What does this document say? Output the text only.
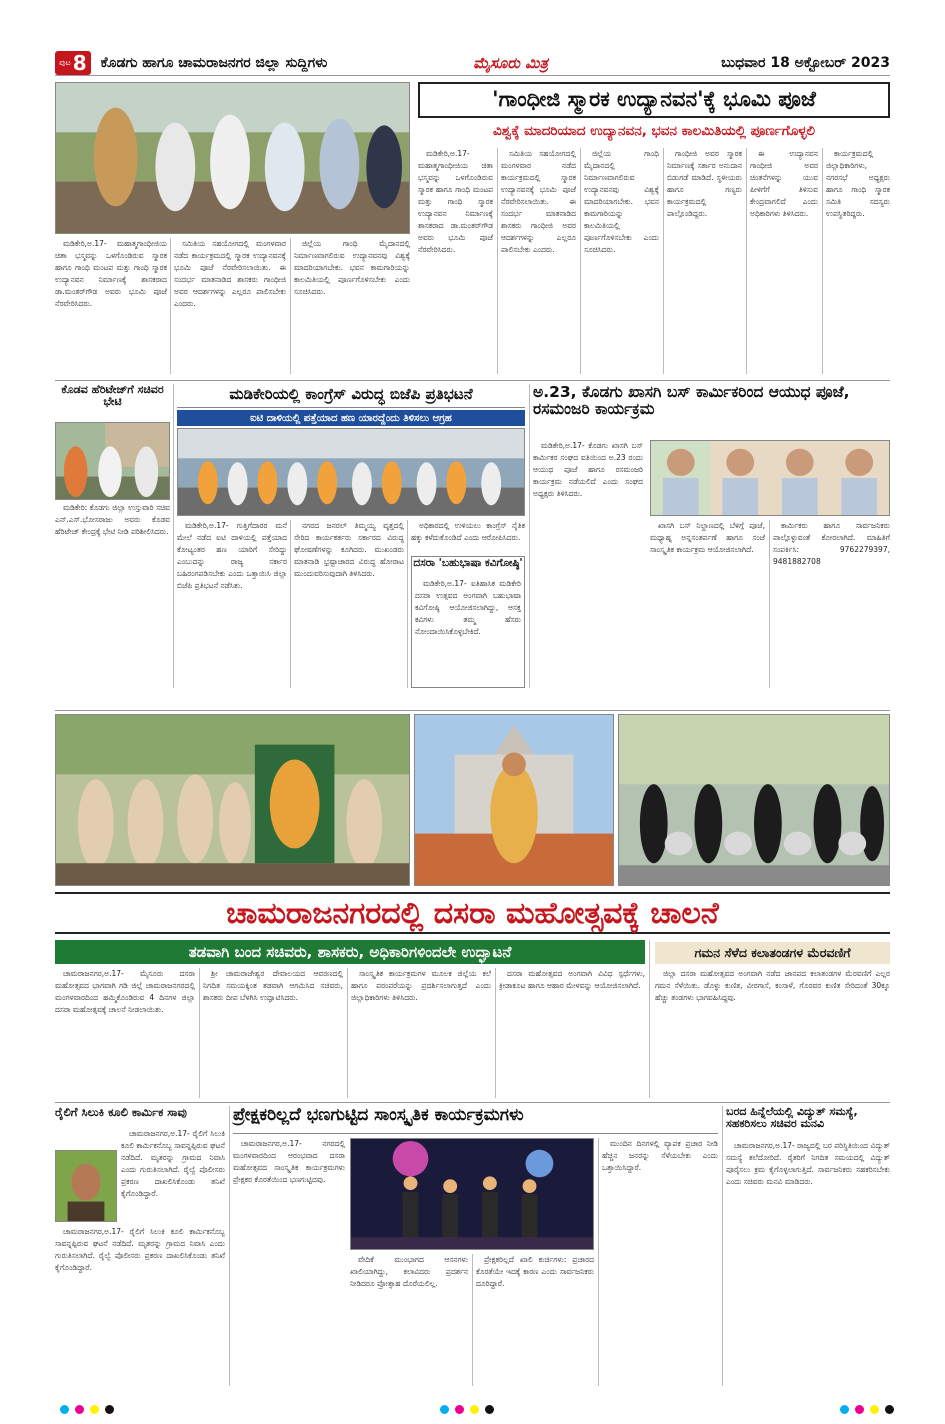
ಪುಟ 8 ಕೊಡಗು ಹಾಗೂ ಚಾಮರಾಜನಗರ ಜಿಲ್ಲಾ ಸುದ್ದಿಗಳು	ಮೈಸೂರು ಮಿತ್ರ	ಬುಧವಾರ 18 ಅಕ್ಟೋಬರ್ 2023
'ಗಾಂಧೀಜಿ ಸ್ಮಾರಕ ಉದ್ಯಾನವನ'ಕ್ಕೆ ಭೂಮಿ ಪೂಜೆ
ವಿಶ್ವಕ್ಕೆ ಮಾದರಿಯಾದ ಉದ್ಯಾನವನ, ಭವನ ಕಾಲಮಿತಿಯಲ್ಲಿ ಪೂರ್ಣಗೊಳ್ಳಲಿ

ಮಡಿಕೇರಿ,ಅ.17- ಮಹಾತ್ಮಗಾಂಧೀಜಿಯ ಚಿತಾ ಭಸ್ಮವನ್ನು ಒಳಗೊಂಡಿರುವ ಸ್ಮಾರಕ ಹಾಗೂ ಗಾಂಧಿ ಮಂಟಪ ಮತ್ತು ಗಾಂಧಿ ಸ್ಮಾರಕ ಉದ್ಯಾನವನ ನಿರ್ಮಾಣಕ್ಕೆ ಶಾಸಕರಾದ ಡಾ.ಮಂತರ್‌ಗೌಡ ಅವರು ಭೂಮಿ ಪೂಜೆ ನೆರವೇರಿಸಿದರು.

ಸಮಿತಿಯ ಸಹಯೋಗದಲ್ಲಿ ಮಂಗಳವಾರ ನಡೆದ ಕಾರ್ಯಕ್ರಮದಲ್ಲಿ ಸ್ಮಾರಕ ಉದ್ಯಾನವನಕ್ಕೆ ಭೂಮಿ ಪೂಜೆ ನೆರವೇರಿಸಲಾಯಿತು. ಈ ಸಂದರ್ಭ ಮಾತನಾಡಿದ ಶಾಸಕರು ಗಾಂಧೀಜಿ ಅವರ ಆದರ್ಶಗಳನ್ನು ಎಲ್ಲರೂ ಪಾಲಿಸಬೇಕು ಎಂದರು.

ಜಿಲ್ಲೆಯ ಗಾಂಧಿ ಮೈದಾನದಲ್ಲಿ ನಿರ್ಮಾಣವಾಗಲಿರುವ ಉದ್ಯಾನವನವು ವಿಶ್ವಕ್ಕೆ ಮಾದರಿಯಾಗಬೇಕು. ಭವನ ಕಾಮಗಾರಿಯನ್ನು ಕಾಲಮಿತಿಯಲ್ಲಿ ಪೂರ್ಣಗೊಳಿಸಬೇಕು ಎಂದು ಸೂಚಿಸಿದರು.

ಗಾಂಧೀಜಿ ಅವರ ಸ್ಮಾರಕ ನಿರ್ಮಾಣಕ್ಕೆ ಸರ್ಕಾರ ಅನುದಾನ ಬಿಡುಗಡೆ ಮಾಡಿದೆ. ಸ್ಥಳೀಯರು ಹಾಗೂ ಗಣ್ಯರು ಕಾರ್ಯಕ್ರಮದಲ್ಲಿ ಪಾಲ್ಗೊಂಡಿದ್ದರು.

ಈ ಉದ್ಯಾನವನ ಗಾಂಧೀಜಿ ಅವರ ಚಿಂತನೆಗಳನ್ನು ಯುವ ಪೀಳಿಗೆಗೆ ತಿಳಿಸುವ ಕೇಂದ್ರವಾಗಲಿದೆ ಎಂದು ಅಧಿಕಾರಿಗಳು ತಿಳಿಸಿದರು.

ಕಾರ್ಯಕ್ರಮದಲ್ಲಿ ಜಿಲ್ಲಾಧಿಕಾರಿಗಳು, ನಗರಸಭೆ ಅಧ್ಯಕ್ಷರು ಹಾಗೂ ಗಾಂಧಿ ಸ್ಮಾರಕ ಸಮಿತಿ ಸದಸ್ಯರು ಉಪಸ್ಥಿತರಿದ್ದರು.

ಮಡಿಕೇರಿ,ಅ.17- ಮಹಾತ್ಮಗಾಂಧೀಜಿಯ ಚಿತಾ ಭಸ್ಮವನ್ನು ಒಳಗೊಂಡಿರುವ ಸ್ಮಾರಕ ಹಾಗೂ ಗಾಂಧಿ ಮಂಟಪ ಮತ್ತು ಗಾಂಧಿ ಸ್ಮಾರಕ ಉದ್ಯಾನವನ ನಿರ್ಮಾಣಕ್ಕೆ ಶಾಸಕರಾದ ಡಾ.ಮಂತರ್‌ಗೌಡ ಅವರು ಭೂಮಿ ಪೂಜೆ ನೆರವೇರಿಸಿದರು.

ಸಮಿತಿಯ ಸಹಯೋಗದಲ್ಲಿ ಮಂಗಳವಾರ ನಡೆದ ಕಾರ್ಯಕ್ರಮದಲ್ಲಿ ಸ್ಮಾರಕ ಉದ್ಯಾನವನಕ್ಕೆ ಭೂಮಿ ಪೂಜೆ ನೆರವೇರಿಸಲಾಯಿತು. ಈ ಸಂದರ್ಭ ಮಾತನಾಡಿದ ಶಾಸಕರು ಗಾಂಧೀಜಿ ಅವರ ಆದರ್ಶಗಳನ್ನು ಎಲ್ಲರೂ ಪಾಲಿಸಬೇಕು ಎಂದರು.

ಜಿಲ್ಲೆಯ ಗಾಂಧಿ ಮೈದಾನದಲ್ಲಿ ನಿರ್ಮಾಣವಾಗಲಿರುವ ಉದ್ಯಾನವನವು ವಿಶ್ವಕ್ಕೆ ಮಾದರಿಯಾಗಬೇಕು. ಭವನ ಕಾಮಗಾರಿಯನ್ನು ಕಾಲಮಿತಿಯಲ್ಲಿ ಪೂರ್ಣಗೊಳಿಸಬೇಕು ಎಂದು ಸೂಚಿಸಿದರು.

ಕೊಡವ ಹೆರಿಟೇಜ್‌ಗೆ ಸಚಿವರ ಭೇಟಿ

ಮಡಿಕೇರಿ: ಕೊಡಗು ಜಿಲ್ಲಾ ಉಸ್ತುವಾರಿ ಸಚಿವ ಎನ್.ಎಸ್.ಭೋಸರಾಜು ಅವರು ಕೊಡವ ಹೆರಿಟೇಜ್ ಕೇಂದ್ರಕ್ಕೆ ಭೇಟಿ ನೀಡಿ ಪರಿಶೀಲಿಸಿದರು.

ಮಡಿಕೇರಿಯಲ್ಲಿ ಕಾಂಗ್ರೆಸ್ ವಿರುದ್ಧ ಬಿಜೆಪಿ ಪ್ರತಿಭಟನೆ
ಐಟಿ ದಾಳಿಯಲ್ಲಿ ಪತ್ತೆಯಾದ ಹಣ ಯಾರದ್ದೆಂದು ತಿಳಿಸಲು ಆಗ್ರಹ

ಮಡಿಕೇರಿ,ಅ.17- ಗುತ್ತಿಗೆದಾರರ ಮನೆ ಮೇಲೆ ನಡೆದ ಐಟಿ ದಾಳಿಯಲ್ಲಿ ಪತ್ತೆಯಾದ ಕೋಟ್ಯಂತರ ಹಣ ಯಾರಿಗೆ ಸೇರಿದ್ದು ಎಂಬುದನ್ನು ರಾಜ್ಯ ಸರ್ಕಾರ ಬಹಿರಂಗಪಡಿಸಬೇಕು ಎಂದು ಒತ್ತಾಯಿಸಿ ಜಿಲ್ಲಾ ಬಿಜೆಪಿ ಪ್ರತಿಭಟನೆ ನಡೆಸಿತು.

ನಗರದ ಜನರಲ್ ತಿಮ್ಮಯ್ಯ ವೃತ್ತದಲ್ಲಿ ಸೇರಿದ ಕಾರ್ಯಕರ್ತರು ಸರ್ಕಾರದ ವಿರುದ್ಧ ಘೋಷಣೆಗಳನ್ನು ಕೂಗಿದರು. ಮುಖಂಡರು ಮಾತನಾಡಿ ಭ್ರಷ್ಟಾಚಾರದ ವಿರುದ್ಧ ಹೋರಾಟ ಮುಂದುವರಿಸುವುದಾಗಿ ತಿಳಿಸಿದರು.

ಅಧಿಕಾರದಲ್ಲಿ ಉಳಿಯಲು ಕಾಂಗ್ರೆಸ್ ನೈತಿಕ ಹಕ್ಕು ಕಳೆದುಕೊಂಡಿದೆ ಎಂದು ಆರೋಪಿಸಿದರು.

ದಸರಾ 'ಬಹುಭಾಷಾ ಕವಿಗೋಷ್ಠಿ'

ಮಡಿಕೇರಿ,ಅ.17- ಐತಿಹಾಸಿಕ ಮಡಿಕೇರಿ ದಸರಾ ಉತ್ಸವದ ಅಂಗವಾಗಿ ಬಹುಭಾಷಾ ಕವಿಗೋಷ್ಠಿ ಆಯೋಜಿಸಲಾಗಿದ್ದು, ಆಸಕ್ತ ಕವಿಗಳು ತಮ್ಮ ಹೆಸರು ನೋಂದಾಯಿಸಿಕೊಳ್ಳಬೇಕಿದೆ.

ಅ.23, ಕೊಡಗು ಖಾಸಗಿ ಬಸ್ ಕಾರ್ಮಿಕರಿಂದ ಆಯುಧ ಪೂಜೆ, ರಸಮಂಜರಿ ಕಾರ್ಯಕ್ರಮ

ಮಡಿಕೇರಿ,ಅ.17- ಕೊಡಗು ಖಾಸಗಿ ಬಸ್ ಕಾರ್ಮಿಕರ ಸಂಘದ ವತಿಯಿಂದ ಅ.23 ರಂದು ಆಯುಧ ಪೂಜೆ ಹಾಗೂ ರಸಮಂಜರಿ ಕಾರ್ಯಕ್ರಮ ನಡೆಯಲಿದೆ ಎಂದು ಸಂಘದ ಅಧ್ಯಕ್ಷರು ತಿಳಿಸಿದರು.

ಖಾಸಗಿ ಬಸ್ ನಿಲ್ದಾಣದಲ್ಲಿ ಬೆಳಿಗ್ಗೆ ಪೂಜೆ, ಮಧ್ಯಾಹ್ನ ಅನ್ನಸಂತರ್ಪಣೆ ಹಾಗೂ ಸಂಜೆ ಸಾಂಸ್ಕೃತಿಕ ಕಾರ್ಯಕ್ರಮ ಆಯೋಜಿಸಲಾಗಿದೆ.

ಕಾರ್ಮಿಕರು ಹಾಗೂ ಸಾರ್ವಜನಿಕರು ಪಾಲ್ಗೊಳ್ಳುವಂತೆ ಕೋರಲಾಗಿದೆ. ಮಾಹಿತಿಗೆ ಸಂಪರ್ಕಿಸಿ: 9762279397, 9481882708

ಚಾಮರಾಜನಗರದಲ್ಲಿ ದಸರಾ ಮಹೋತ್ಸವಕ್ಕೆ ಚಾಲನೆ
ತಡವಾಗಿ ಬಂದ ಸಚಿವರು, ಶಾಸಕರು, ಅಧಿಕಾರಿಗಳಿಂದಲೇ ಉದ್ಘಾಟನೆ

ಚಾಮರಾಜನಗರ,ಅ.17- ಮೈಸೂರು ದಸರಾ ಮಹೋತ್ಸವದ ಭಾಗವಾಗಿ ಗಡಿ ಜಿಲ್ಲೆ ಚಾಮರಾಜನಗರದಲ್ಲಿ ಮಂಗಳವಾರದಿಂದ ಹಮ್ಮಿಕೊಂಡಿರುವ 4 ದಿನಗಳ ಜಿಲ್ಲಾ ದಸರಾ ಮಹೋತ್ಸವಕ್ಕೆ ಚಾಲನೆ ನೀಡಲಾಯಿತು.

ಶ್ರೀ ಚಾಮರಾಜೇಶ್ವರ ದೇವಾಲಯದ ಆವರಣದಲ್ಲಿ ನಿಗದಿತ ಸಮಯಕ್ಕಿಂತ ತಡವಾಗಿ ಆಗಮಿಸಿದ ಸಚಿವರು, ಶಾಸಕರು ದೀಪ ಬೆಳಗಿಸಿ ಉದ್ಘಾಟಿಸಿದರು.

ಸಾಂಸ್ಕೃತಿಕ ಕಾರ್ಯಕ್ರಮಗಳ ಮೂಲಕ ಜಿಲ್ಲೆಯ ಕಲೆ ಹಾಗೂ ಪರಂಪರೆಯನ್ನು ಪ್ರದರ್ಶಿಸಲಾಗುತ್ತದೆ ಎಂದು ಜಿಲ್ಲಾಧಿಕಾರಿಗಳು ತಿಳಿಸಿದರು.

ದಸರಾ ಮಹೋತ್ಸವದ ಅಂಗವಾಗಿ ವಿವಿಧ ಸ್ಪರ್ಧೆಗಳು, ಕ್ರೀಡಾಕೂಟ ಹಾಗೂ ಆಹಾರ ಮೇಳವನ್ನು ಆಯೋಜಿಸಲಾಗಿದೆ.

ಗಮನ ಸೆಳೆದ ಕಲಾತಂಡಗಳ ಮೆರವಣಿಗೆ

ಜಿಲ್ಲಾ ದಸರಾ ಮಹೋತ್ಸವದ ಅಂಗವಾಗಿ ನಡೆದ ಜಾನಪದ ಕಲಾತಂಡಗಳ ಮೆರವಣಿಗೆ ಎಲ್ಲರ ಗಮನ ಸೆಳೆಯಿತು. ಡೊಳ್ಳು ಕುಣಿತ, ವೀರಗಾಸೆ, ಕಂಸಾಳೆ, ಗೊರವರ ಕುಣಿತ ಸೇರಿದಂತೆ 30ಕ್ಕೂ ಹೆಚ್ಚು ತಂಡಗಳು ಭಾಗವಹಿಸಿದ್ದವು.

ರೈಲಿಗೆ ಸಿಲುಕಿ ಕೂಲಿ ಕಾರ್ಮಿಕ ಸಾವು

ಚಾಮರಾಜನಗರ,ಅ.17- ರೈಲಿಗೆ ಸಿಲುಕಿ ಕೂಲಿ ಕಾರ್ಮಿಕನೊಬ್ಬ ಸಾವನ್ನಪ್ಪಿರುವ ಘಟನೆ ನಡೆದಿದೆ. ಮೃತರನ್ನು ಗ್ರಾಮದ ನಿವಾಸಿ ಎಂದು ಗುರುತಿಸಲಾಗಿದೆ. ರೈಲ್ವೆ ಪೊಲೀಸರು ಪ್ರಕರಣ ದಾಖಲಿಸಿಕೊಂಡು ತನಿಖೆ ಕೈಗೊಂಡಿದ್ದಾರೆ.

ಚಾಮರಾಜನಗರ,ಅ.17- ರೈಲಿಗೆ ಸಿಲುಕಿ ಕೂಲಿ ಕಾರ್ಮಿಕನೊಬ್ಬ ಸಾವನ್ನಪ್ಪಿರುವ ಘಟನೆ ನಡೆದಿದೆ. ಮೃತರನ್ನು ಗ್ರಾಮದ ನಿವಾಸಿ ಎಂದು ಗುರುತಿಸಲಾಗಿದೆ. ರೈಲ್ವೆ ಪೊಲೀಸರು ಪ್ರಕರಣ ದಾಖಲಿಸಿಕೊಂಡು ತನಿಖೆ ಕೈಗೊಂಡಿದ್ದಾರೆ.

ಪ್ರೇಕ್ಷಕರಿಲ್ಲದೆ ಭಣಗುಟ್ಟಿದ ಸಾಂಸ್ಕೃತಿಕ ಕಾರ್ಯಕ್ರಮಗಳು

ಚಾಮರಾಜನಗರ,ಅ.17- ನಗರದಲ್ಲಿ ಮಂಗಳವಾರದಿಂದ ಆರಂಭವಾದ ದಸರಾ ಮಹೋತ್ಸವದ ಸಾಂಸ್ಕೃತಿಕ ಕಾರ್ಯಕ್ರಮಗಳು ಪ್ರೇಕ್ಷಕರ ಕೊರತೆಯಿಂದ ಭಣಗುಟ್ಟಿದವು.

ವೇದಿಕೆ ಮುಂಭಾಗದ ಆಸನಗಳು ಖಾಲಿಯಾಗಿದ್ದು, ಕಲಾವಿದರು ಪ್ರದರ್ಶನ ನೀಡಿದರೂ ಪ್ರೋತ್ಸಾಹ ದೊರೆಯಲಿಲ್ಲ.

ಪ್ರೇಕ್ಷಕರಿಲ್ಲದೆ ಖಾಲಿ ಕುರ್ಚಿಗಳು: ಪ್ರಚಾರದ ಕೊರತೆಯೇ ಇದಕ್ಕೆ ಕಾರಣ ಎಂದು ಸಾರ್ವಜನಿಕರು ದೂರಿದ್ದಾರೆ.

ಮುಂದಿನ ದಿನಗಳಲ್ಲಿ ವ್ಯಾಪಕ ಪ್ರಚಾರ ನೀಡಿ ಹೆಚ್ಚಿನ ಜನರನ್ನು ಸೆಳೆಯಬೇಕು ಎಂದು ಒತ್ತಾಯಿಸಿದ್ದಾರೆ.

ಬರದ ಹಿನ್ನೆಲೆಯಲ್ಲಿ ವಿದ್ಯುತ್ ಸಮಸ್ಯೆ, ಸಹಕರಿಸಲು ಸಚಿವರ ಮನವಿ

ಚಾಮರಾಜನಗರ,ಅ.17- ರಾಜ್ಯದಲ್ಲಿ ಬರ ಪರಿಸ್ಥಿತಿಯಿಂದ ವಿದ್ಯುತ್ ಸಮಸ್ಯೆ ತಲೆದೋರಿದೆ. ರೈತರಿಗೆ ನಿಗದಿತ ಸಮಯದಲ್ಲಿ ವಿದ್ಯುತ್ ಪೂರೈಸಲು ಕ್ರಮ ಕೈಗೊಳ್ಳಲಾಗುತ್ತಿದೆ. ಸಾರ್ವಜನಿಕರು ಸಹಕರಿಸಬೇಕು ಎಂದು ಸಚಿವರು ಮನವಿ ಮಾಡಿದರು.
